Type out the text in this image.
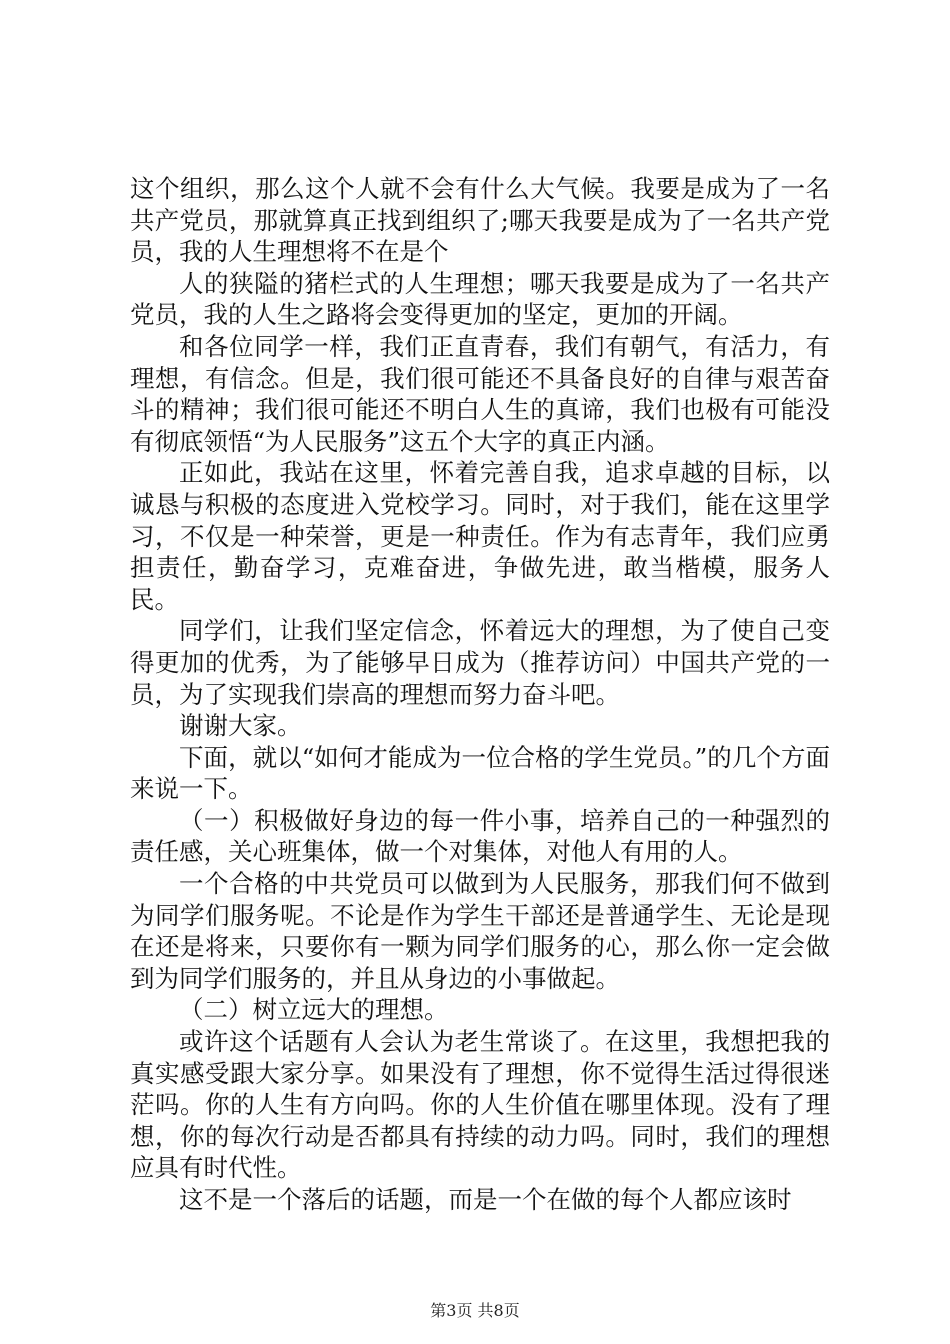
这个组织，那么这个人就不会有什么大气候。我要是成为了一名共产党员，那就算真正找到组织了;哪天我要是成为了一名共产党员，我的人生理想将不在是个

人的狭隘的猪栏式的人生理想；哪天我要是成为了一名共产党员，我的人生之路将会变得更加的坚定，更加的开阔。

和各位同学一样，我们正直青春，我们有朝气，有活力，有理想，有信念。但是，我们很可能还不具备良好的自律与艰苦奋斗的精神；我们很可能还不明白人生的真谛，我们也极有可能没有彻底领悟“为人民服务”这五个大字的真正内涵。

正如此，我站在这里，怀着完善自我，追求卓越的目标，以诚恳与积极的态度进入党校学习。同时，对于我们，能在这里学习，不仅是一种荣誉，更是一种责任。作为有志青年，我们应勇担责任，勤奋学习，克难奋进，争做先进，敢当楷模，服务人民。

同学们，让我们坚定信念，怀着远大的理想，为了使自己变得更加的优秀，为了能够早日成为（推荐访问）中国共产党的一员，为了实现我们崇高的理想而努力奋斗吧。

谢谢大家。

下面，就以“如何才能成为一位合格的学生党员。”的几个方面来说一下。

（一）积极做好身边的每一件小事，培养自己的一种强烈的责任感，关心班集体，做一个对集体，对他人有用的人。

一个合格的中共党员可以做到为人民服务，那我们何不做到为同学们服务呢。不论是作为学生干部还是普通学生、无论是现在还是将来，只要你有一颗为同学们服务的心，那么你一定会做到为同学们服务的，并且从身边的小事做起。

（二）树立远大的理想。

或许这个话题有人会认为老生常谈了。在这里，我想把我的真实感受跟大家分享。如果没有了理想，你不觉得生活过得很迷茫吗。你的人生有方向吗。你的人生价值在哪里体现。没有了理想，你的每次行动是否都具有持续的动力吗。同时，我们的理想应具有时代性。

这不是一个落后的话题，而是一个在做的每个人都应该时

第3页 共8页
